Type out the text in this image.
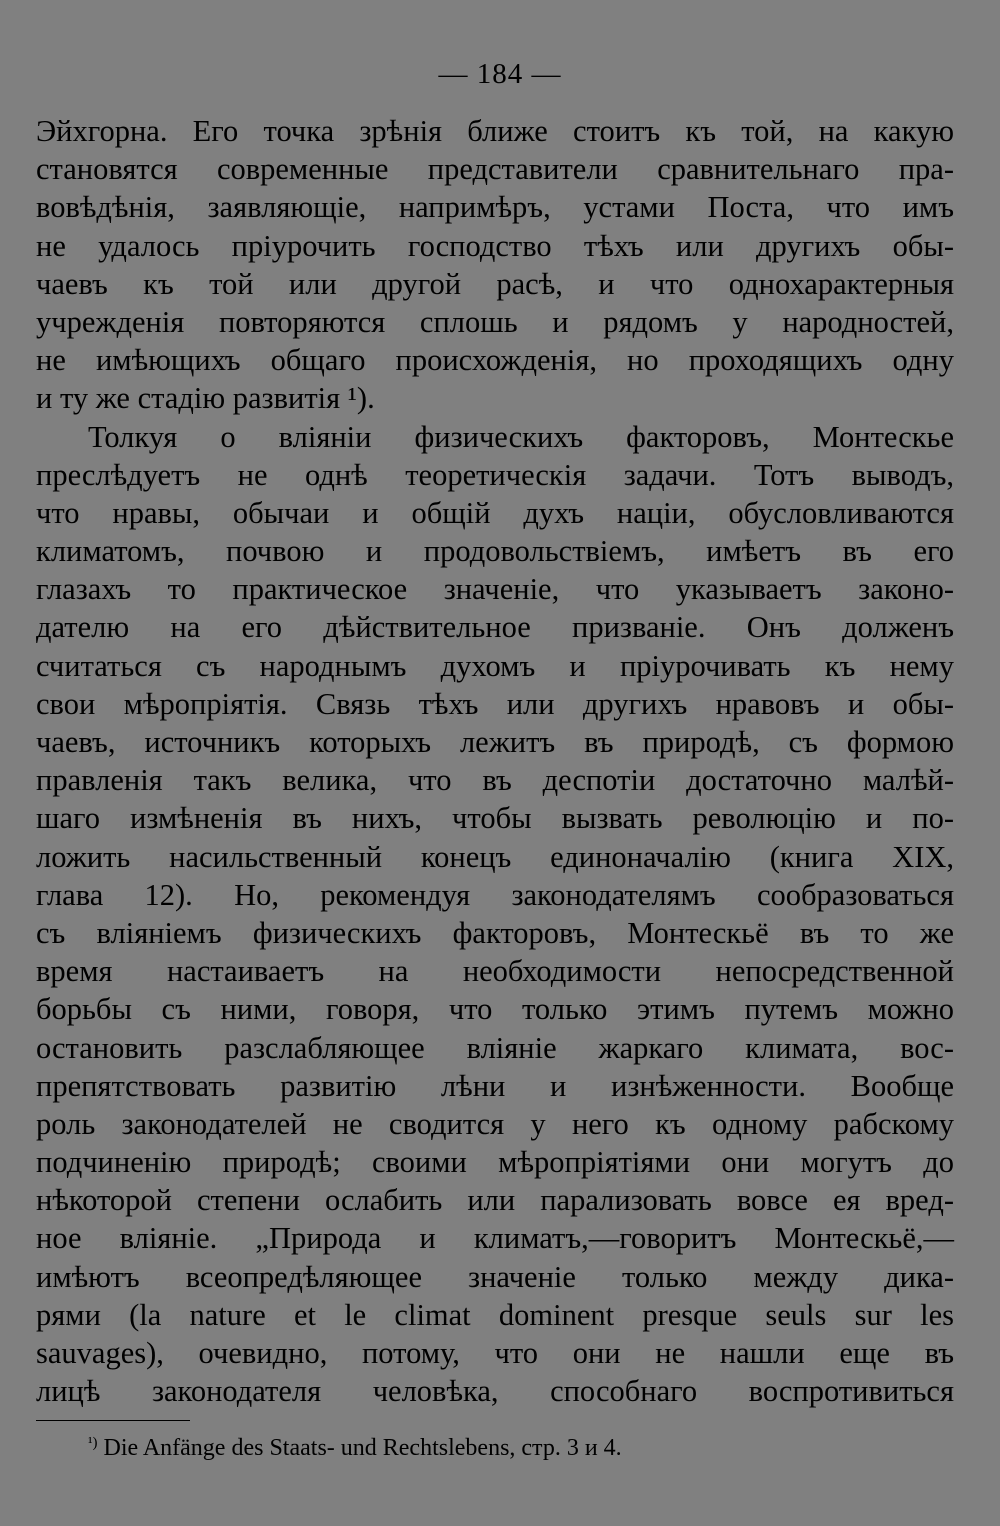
— 184 —
Эйхгорна. Его точка зрѣнія ближе стоитъ къ той, на какую
становятся современные представители сравнительнаго пра-
вовѣдѣнія, заявляющіе, напримѣръ, устами Поста, что имъ
не удалось пріурочить господство тѣхъ или другихъ обы-
чаевъ къ той или другой расѣ, и что однохарактерныя
учрежденія повторяются сплошь и рядомъ у народностей,
не имѣющихъ общаго происхожденія, но проходящихъ одну
и ту же стадію развитія ¹).
Толкуя о вліяніи физическихъ факторовъ, Монтескье
преслѣдуетъ не однѣ теоретическія задачи. Тотъ выводъ,
что нравы, обычаи и общій духъ націи, обусловливаются
климатомъ, почвою и продовольствіемъ, имѣетъ въ его
глазахъ то практическое значеніе, что указываетъ законо-
дателю на его дѣйствительное призваніе. Онъ долженъ
считаться съ народнымъ духомъ и пріурочивать къ нему
свои мѣропріятія. Связь тѣхъ или другихъ нравовъ и обы-
чаевъ, источникъ которыхъ лежитъ въ природѣ, съ формою
правленія такъ велика, что въ деспотіи достаточно малѣй-
шаго измѣненія въ нихъ, чтобы вызвать революцію и по-
ложить насильственный конецъ единоначалію (книга XIX,
глава 12). Но, рекомендуя законодателямъ сообразоваться
съ вліяніемъ физическихъ факторовъ, Монтескьё въ то же
время настаиваетъ на необходимости непосредственной
борьбы съ ними, говоря, что только этимъ путемъ можно
остановить разслабляющее вліяніе жаркаго климата, вос-
препятствовать развитію лѣни и изнѣженности. Вообще
роль законодателей не сводится у него къ одному рабскому
подчиненію природѣ; своими мѣропріятіями они могутъ до
нѣкоторой степени ослабить или парализовать вовсе ея вред-
ное вліяніе. „Природа и климатъ,—говоритъ Монтескьё,—
имѣютъ всеопредѣляющее значеніе только между дика-
рями (la nature et le climat dominent presque seuls sur les
sauvages), очевидно, потому, что они не нашли еще въ
лицѣ законодателя человѣка, способнаго воспротивиться
$^{^1)}$ Die Anfänge des Staats- und Rechtslebens, стр. 3 и 4.
